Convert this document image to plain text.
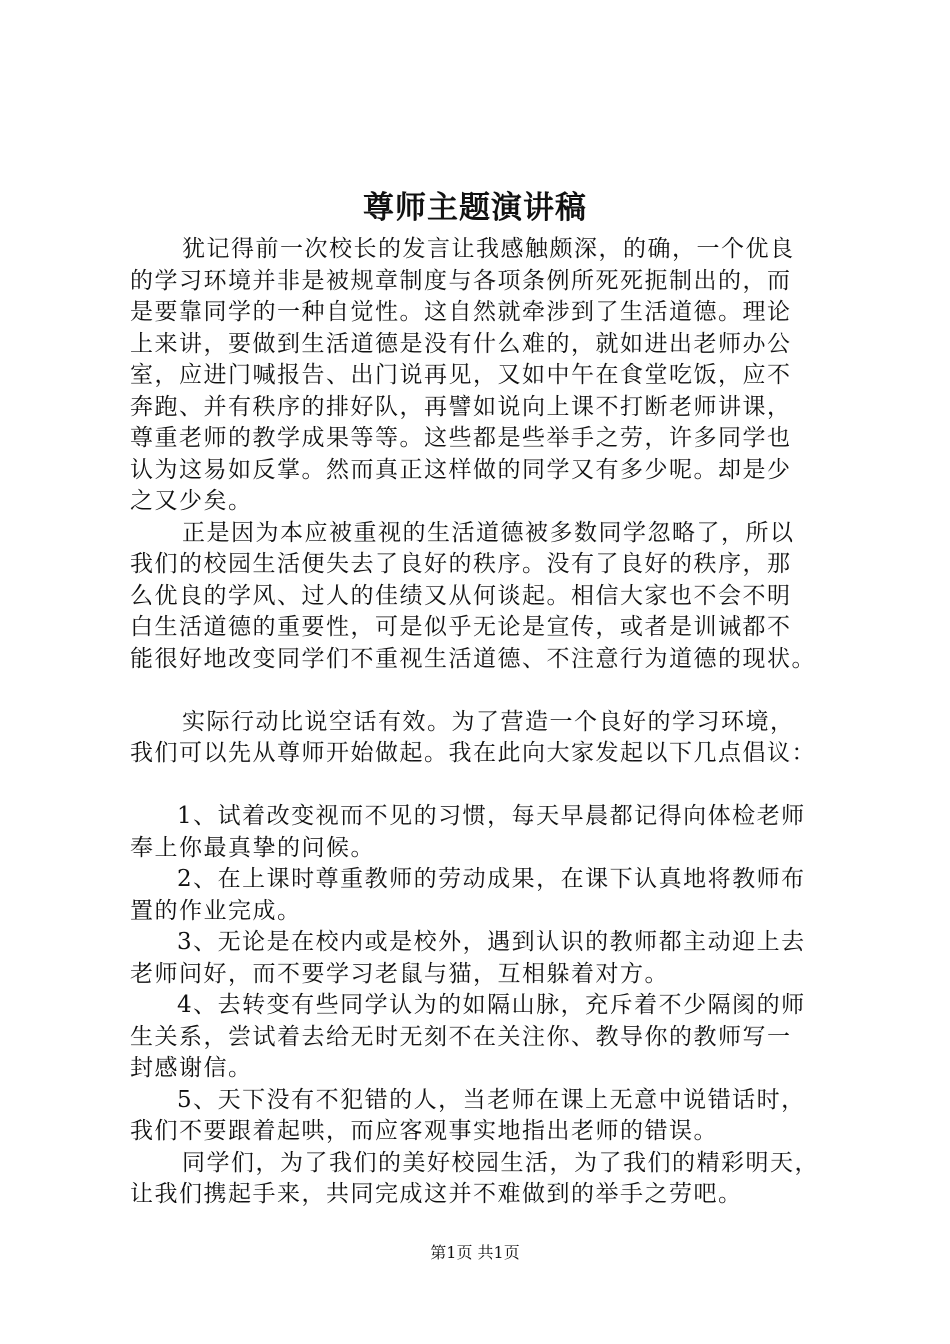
尊师主题演讲稿
犹记得前一次校长的发言让我感触颇深，的确，一个优良
的学习环境并非是被规章制度与各项条例所死死扼制出的，而
是要靠同学的一种自觉性。这自然就牵涉到了生活道德。理论
上来讲，要做到生活道德是没有什么难的，就如进出老师办公
室，应进门喊报告、出门说再见，又如中午在食堂吃饭，应不
奔跑、并有秩序的排好队，再譬如说向上课不打断老师讲课，
尊重老师的教学成果等等。这些都是些举手之劳，许多同学也
认为这易如反掌。然而真正这样做的同学又有多少呢。却是少
之又少矣。
正是因为本应被重视的生活道德被多数同学忽略了，所以
我们的校园生活便失去了良好的秩序。没有了良好的秩序，那
么优良的学风、过人的佳绩又从何谈起。相信大家也不会不明
白生活道德的重要性，可是似乎无论是宣传，或者是训诫都不
能很好地改变同学们不重视生活道德、不注意行为道德的现状。
实际行动比说空话有效。为了营造一个良好的学习环境，
我们可以先从尊师开始做起。我在此向大家发起以下几点倡议：
1、试着改变视而不见的习惯，每天早晨都记得向体检老师
奉上你最真挚的问候。
2、在上课时尊重教师的劳动成果，在课下认真地将教师布
置的作业完成。
3、无论是在校内或是校外，遇到认识的教师都主动迎上去
老师问好，而不要学习老鼠与猫，互相躲着对方。
4、去转变有些同学认为的如隔山脉，充斥着不少隔阂的师
生关系，尝试着去给无时无刻不在关注你、教导你的教师写一
封感谢信。
5、天下没有不犯错的人，当老师在课上无意中说错话时，
我们不要跟着起哄，而应客观事实地指出老师的错误。
同学们，为了我们的美好校园生活，为了我们的精彩明天，
让我们携起手来，共同完成这并不难做到的举手之劳吧。
第1页 共1页
